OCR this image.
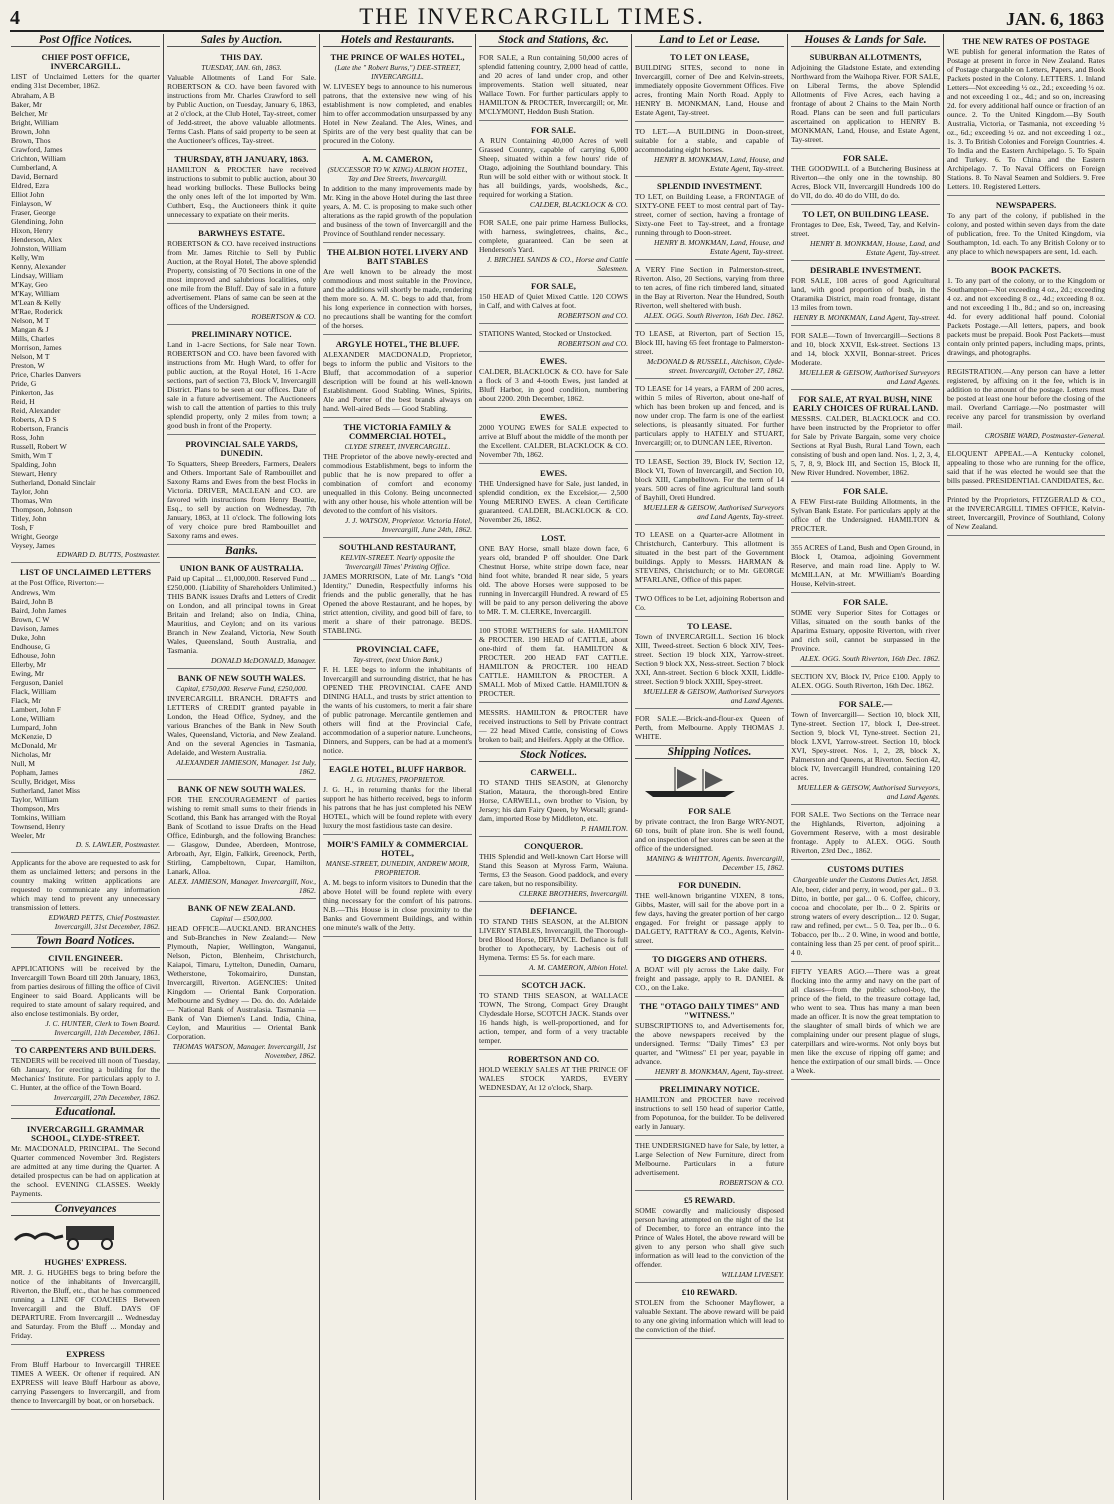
4	THE INVERCARGILL TIMES.	JAN. 6, 1863
Post Office Notices.
CHIEF POST OFFICE, INVERCARGILL.

LIST of Unclaimed Letters for the quarter ending 31st December, 1862.

Abraham, A B
Baker, Mr
Belcher, Mr
Bright, William
Brown, John
Brown, Thos
Crawford, James
Crichton, William
Cumberland, A
David, Bernard
Eldred, Ezra
Elliot John
Finlayson, W
Fraser, George
Glendining, John
Hixon, Henry
Henderson, Alex
Johnston, William
Kelly, Wm
Kenny, Alexander
Lindsay, William
M'Kay, Geo
M'Kay, William
M'Lean & Kelly
M'Rae, Roderick
Nelson, M T
Mangan & J
Mills, Charles
Morrison, James
Nelson, M T
Preston, W
Price, Charles Danvers
Pride, G
Pinkerton, Jas
Reid, H
Reid, Alexander
Roberts, A D S
Robertson, Francis
Ross, John
Russell, Robert W
Smith, Wm T
Spalding, John
Stewart, Henry
Sutherland, Donald Sinclair
Taylor, John
Thomas, Wm
Thompson, Johnson
Titley, John
Tosh, F
Wright, George
Veysey, James
EDWARD D. BUTTS, Postmaster.
LIST OF UNCLAIMED LETTERS

at the Post Office, Riverton:—

Andrews, Wm
Baird, John B
Baird, John James
Brown, C W
Davison, James
Duke, John
Endhouse, G
Edhouse, John
Ellerby, Mr
Ewing, Mr
Ferguson, Daniel
Flack, William
Flack, Mr
Lambert, John F
Lone, William
Lumpard, John
McKenzie, D
McDonald, Mr
Nicholas, Mr
Null, M
Popham, James
Scully, Bridget, Miss
Sutherland, Janet Miss
Taylor, William
Thompson, Mrs
Tomkins, William
Townsend, Henry
Weeler, Mr
D. S. LAWLER, Postmaster.

Applicants for the above are requested to ask for them as unclaimed letters; and persons in the country making written applications are requested to communicate any information which may tend to prevent any unnecessary transmission of letters.

EDWARD PETTS, Chief Postmaster. Invercargill, 31st December, 1862.
Town Board Notices.
CIVIL ENGINEER.

APPLICATIONS will be received by the Invercargill Town Board till 20th January, 1863, from parties desirous of filling the office of Civil Engineer to said Board. Applicants will be required to state amount of salary required, and also enclose testimonials. By order,

J. C. HUNTER, Clerk to Town Board. Invercargill, 11th December, 1861.
TO CARPENTERS AND BUILDERS.

TENDERS will be received till noon of Tuesday, 6th January, for erecting a building for the Mechanics' Institute. For particulars apply to J. C. Hunter, at the office of the Town Board.

Invercargill, 27th December, 1862.
Educational.
INVERCARGILL GRAMMAR SCHOOL, CLYDE-STREET.

Mr. MACDONALD, PRINCIPAL. The Second Quarter commenced November 3rd. Registers are admitted at any time during the Quarter. A detailed prospectus can be had on application at the school. EVENING CLASSES. Weekly Payments.

Conveyances
HUGHES' EXPRESS.

MR. J. G. HUGHES begs to bring before the notice of the inhabitants of Invercargill, Riverton, the Bluff, etc., that he has commenced running a LINE OF COACHES Between Invercargill and the Bluff. DAYS OF DEPARTURE. From Invercargill ... Wednesday and Saturday. From the Bluff ... Monday and Friday.

EXPRESS

From Bluff Harbour to Invercargill THREE TIMES A WEEK. Or oftener if required. AN EXPRESS will leave Bluff Harbour as above, carrying Passengers to Invercargill, and from thence to Invercargill by boat, or on horseback.

Sales by Auction.
THIS DAY.
TUESDAY, JAN. 6th, 1863.

Valuable Allotments of Land For Sale. ROBERTSON & CO. have been favored with instructions from Mr. Charles Crawford to sell by Public Auction, on Tuesday, January 6, 1863, at 2 o'clock, at the Club Hotel, Tay-street, comer of Jedd-street, the above valuable allotments. Terms Cash. Plans of said property to be seen at the Auctioneer's offices, Tay-street.

THURSDAY, 8TH JANUARY, 1863.

HAMILTON & PROCTER have received instructions to submit to public auction, about 30 head working bullocks. These Bullocks being the only ones left of the lot imported by Wm. Cuthbert, Esq., the Auctioneers think it quite unnecessary to expatiate on their merits.

BARWHEYS ESTATE.

ROBERTSON & CO. have received instructions from Mr. James Ritchie to Sell by Public Auction, at the Royal Hotel, The above splendid Property, consisting of 70 Sections in one of the most improved and salubrious localities, only one mile from the Bluff. Day of sale in a future advertisement. Plans of same can be seen at the offices of the Undersigned.

ROBERTSON & CO.
PRELIMINARY NOTICE.

Land in 1-acre Sections, for Sale near Town. ROBERTSON and CO. have been favored with instructions from Mr. Hugh Ward, to offer for public auction, at the Royal Hotel, 16 1-Acre sections, part of section 73, Block V, Invercargill District. Plans to be seen at our offices. Date of sale in a future advertisement. The Auctioneers wish to call the attention of parties to this truly splendid property, only 2 miles from town; a good bush in front of the Property.

PROVINCIAL SALE YARDS, DUNEDIN.

To Squatters, Sheep Breeders, Farmers, Dealers and Others. Important Sale of Rambouillet and Saxony Rams and Ewes from the best Flocks in Victoria. DRIVER, MACLEAN and CO. are favored with instructions from Henry Beattie, Esq., to sell by auction on Wednesday, 7th January, 1863, at 11 o'clock. The following lots of very choice pure bred Rambouillet and Saxony rams and ewes.

Banks.
UNION BANK OF AUSTRALIA.

Paid up Capital ... £1,000,000. Reserved Fund ... £250,000. (Liability of Shareholders Unlimited.) THIS BANK issues Drafts and Letters of Credit on London, and all principal towns in Great Britain and Ireland; also on India, China, Mauritius, and Ceylon; and on its various Branch in New Zealand, Victoria, New South Wales, Queensland, South Australia, and Tasmania.

DONALD McDONALD, Manager.
BANK OF NEW SOUTH WALES.
Capital, £750,000. Reserve Fund, £250,000.

INVERCARGILL BRANCH. DRAFTS and LETTERS of CREDIT granted payable in London, the Head Office, Sydney, and the various Branches of the Bank in New South Wales, Queensland, Victoria, and New Zealand. And on the several Agencies in Tasmania, Adelaide, and Western Australia.

ALEXANDER JAMIESON, Manager. 1st July, 1862.
BANK OF NEW SOUTH WALES.

FOR THE ENCOURAGEMENT of parties wishing to remit small sums to their friends in Scotland, this Bank has arranged with the Royal Bank of Scotland to issue Drafts on the Head Office, Edinburgh, and the following Branches:— Glasgow, Dundee, Aberdeen, Montrose, Arbroath, Ayr, Elgin, Falkirk, Greenock, Perth, Stirling, Campbeltown, Cupar, Hamilton, Lanark, Alloa.

ALEX. JAMIESON, Manager. Invercargill, Nov., 1862.
BANK OF NEW ZEALAND.
Capital — £500,000.

HEAD OFFICE—AUCKLAND. BRANCHES and Sub-Branches in New Zealand:— New Plymouth, Napier, Wellington, Wanganui, Nelson, Picton, Blenheim, Christchurch, Kaiapoi, Timaru, Lyttelton, Dunedin, Oamaru, Wetherstone, Tokomairiro, Dunstan, Invercargill, Riverton. AGENCIES: United Kingdom — Oriental Bank Corporation. Melbourne and Sydney — Do. do. do. Adelaide — National Bank of Australasia. Tasmania — Bank of Van Diemen's Land. India, China, Ceylon, and Mauritius — Oriental Bank Corporation.

THOMAS WATSON, Manager. Invercargill, 1st November, 1862.
Hotels and Restaurants.
THE PRINCE OF WALES HOTEL,
(Late the " Robert Burns,") DEE-STREET, INVERCARGILL.

W. LIVESEY begs to announce to his numerous patrons, that the extensive new wing of his establishment is now completed, and enables him to offer accommodation unsurpassed by any Hotel in New Zealand. The Ales, Wines, and Spirits are of the very best quality that can be procured in the Colony.

A. M. CAMERON,
(SUCCESSOR TO W. KING) ALBION HOTEL, Tay and Dee Streets, Invercargill.

In addition to the many improvements made by Mr. King in the above Hotel during the last three years, A. M. C. is proposing to make such other alterations as the rapid growth of the population and business of the town of Invercargill and the Province of Southland render necessary.

THE ALBION HOTEL LIVERY AND BAIT STABLES

Are well known to be already the most commodious and most suitable in the Province, and the additions will shortly be made, rendering them more so. A. M. C. begs to add that, from his long experience in connection with horses, no precautions shall be wanting for the comfort of the horses.

ARGYLE HOTEL, THE BLUFF.

ALEXANDER MACDONALD, Proprietor, begs to inform the public and Visitors to the Bluff, that accommodation of a superior description will be found at his well-known Establishment. Good Stabling. Wines, Spirits, Ale and Porter of the best brands always on hand. Well-aired Beds — Good Stabling.

THE VICTORIA FAMILY & COMMERCIAL HOTEL,
CLYDE STREET, INVERCARGILL.

THE Proprietor of the above newly-erected and commodious Establishment, begs to inform the public that he is now prepared to offer a combination of comfort and economy unequalled in this Colony. Being unconnected with any other house, his whole attention will be devoted to the comfort of his visitors.

J. J. WATSON, Proprietor. Victoria Hotel, Invercargill, June 24th, 1862.
SOUTHLAND RESTAURANT,
KELVIN-STREET. Nearly opposite the 'Invercargill Times' Printing Office.

JAMES MORRISON, Late of Mr. Lang's "Old Identity," Dunedin, Respectfully informs his friends and the public generally, that he has Opened the above Restaurant, and he hopes, by strict attention, civility, and good bill of fare, to merit a share of their patronage. BEDS. STABLING.

PROVINCIAL CAFE,
Tay-street, (next Union Bank.)

F. H. LEE begs to inform the inhabitants of Invercargill and surrounding district, that he has OPENED THE PROVINCIAL CAFE AND DINING HALL, and trusts by strict attention to the wants of his customers, to merit a fair share of public patronage. Mercantile gentlemen and others will find at the Provincial Cafe, accommodation of a superior nature. Luncheons, Dinners, and Suppers, can be had at a moment's notice.

EAGLE HOTEL, BLUFF HARBOR.
J. G. HUGHES, PROPRIETOR.

J. G. H., in returning thanks for the liberal support he has hitherto received, begs to inform his patrons that he has just completed his NEW HOTEL, which will be found replete with every luxury the most fastidious taste can desire.

MOIR'S FAMILY & COMMERCIAL HOTEL,
MANSE-STREET, DUNEDIN, ANDREW MOIR, PROPRIETOR.

A. M. begs to inform visitors to Dunedin that the above Hotel will be found replete with every thing necessary for the comfort of his patrons. N.B.—This House is in close proximity to the Banks and Government Buildings, and within one minute's walk of the Jetty.

Stock and Stations, &c.

FOR SALE, a Run containing 50,000 acres of splendid fattening country, 2,000 head of cattle, and 20 acres of land under crop, and other improvements. Station well situated, near Wallace Town. For further particulars apply to HAMILTON & PROCTER, Invercargill; or, Mr. M'CLYMONT, Heddon Bush Station.

FOR SALE.

A RUN Containing 40,000 Acres of well Grassed Country, capable of carrying 6,000 Sheep, situated within a few hours' ride of Otago, adjoining the Southland boundary. This Run will be sold either with or without stock. It has all buildings, yards, woolsheds, &c., required for working a Station.

CALDER, BLACKLOCK & CO.

FOR SALE, one pair prime Harness Bullocks, with harness, swingletrees, chains, &c., complete, guaranteed. Can be seen at Henderson's Yard.

J. BIRCHEL SANDS & CO., Horse and Cattle Salesmen.
FOR SALE,

150 HEAD of Quiet Mixed Cattle. 120 COWS in Calf, and with Calves at foot.

ROBERTSON and CO.

STATIONS Wanted, Stocked or Unstocked.

ROBERTSON and CO.
EWES.

CALDER, BLACKLOCK & CO. have for Sale a flock of 3 and 4-tooth Ewes, just landed at Bluff Harbor, in good condition, numbering about 2200. 20th December, 1862.

EWES.

2000 YOUNG EWES for SALE expected to arrive at Bluff about the middle of the month per the Excellent. CALDER, BLACKLOCK & CO. November 7th, 1862.

EWES.

THE Undersigned have for Sale, just landed, in splendid condition, ex the Excelsior,— 2,500 Young MERINO EWES. A clean Certificate guaranteed. CALDER, BLACKLOCK & CO. November 26, 1862.

LOST.

ONE BAY Horse, small blaze down face, 6 years old, branded P off shoulder. One Dark Chestnut Horse, white stripe down face, near hind foot white, branded R near side, 5 years old. The above Horses were supposed to be running in Invercargill Hundred. A reward of £5 will be paid to any person delivering the above to MR. T. M. CLERKE, Invercargill.

100 STORE WETHERS for sale. HAMILTON & PROCTER. 190 HEAD of CATTLE, about one-third of them fat. HAMILTON & PROCTER. 200 HEAD FAT CATTLE. HAMILTON & PROCTER. 100 HEAD CATTLE. HAMILTON & PROCTER. A SMALL Mob of Mixed Cattle. HAMILTON & PROCTER.

MESSRS. HAMILTON & PROCTER have received instructions to Sell by Private contract — 22 head Mixed Cattle, consisting of Cows broken to bail; and Heifers. Apply at the Office.

Stock Notices.
CARWELL.

TO STAND THIS SEASON, at Glenorchy Station, Mataura, the thorough-bred Entire Horse, CARWELL, own brother to Vision, by Jersey; his dam Fairy Queen, by Worsall; grand-dam, imported Rose by Middleton, etc.

P. HAMILTON.
CONQUEROR.

THIS Splendid and Well-known Cart Horse will Stand this Season at Myross Farm, Waiuna. Terms, £3 the Season. Good paddock, and every care taken, but no responsibility.

CLERKE BROTHERS, Invercargill.
DEFIANCE.

TO STAND THIS SEASON, at the ALBION LIVERY STABLES, Invercargill, the Thorough-bred Blood Horse, DEFIANCE. Defiance is full brother to Apothecary, by Lachesis out of Hymena. Terms: £5 5s. for each mare.

A. M. CAMERON, Albion Hotel.
SCOTCH JACK.

TO STAND THIS SEASON, at WALLACE TOWN, The Strong, Compact Grey Draught Clydesdale Horse, SCOTCH JACK. Stands over 16 hands high, is well-proportioned, and for action, temper, and form of a very tractable temper.

ROBERTSON AND CO.

HOLD WEEKLY SALES AT THE PRINCE OF WALES STOCK YARDS, EVERY WEDNESDAY, At 12 o'clock, Sharp.

Land to Let or Lease.
TO LET ON LEASE,

BUILDING SITES, second to none in Invercargill, corner of Dee and Kelvin-streets, immediately opposite Government Offices. Five acres, fronting Main North Road. Apply to HENRY B. MONKMAN, Land, House and Estate Agent, Tay-street.

TO LET.—A BUILDING in Doon-street, suitable for a stable, and capable of accommodating eight horses.

HENRY B. MONKMAN, Land, House, and Estate Agent, Tay-street.
SPLENDID INVESTMENT.

TO LET, on Building Lease, a FRONTAGE of SIXTY-ONE FEET to most central part of Tay-street, corner of section, having a frontage of Sixty-one Feet to Tay-street, and a frontage running through to Doon-street.

HENRY B. MONKMAN, Land, House, and Estate Agent, Tay-street.

A VERY Fine Section in Palmerston-street, Riverton. Also, 20 Sections, varying from three to ten acres, of fine rich timbered land, situated in the Bay at Riverton. Near the Hundred, South Riverton, well sheltered with bush.

ALEX. OGG. South Riverton, 16th Dec. 1862.

TO LEASE, at Riverton, part of Section 15, Block III, having 65 feet frontage to Palmerston-street.

McDONALD & RUSSELL, Aitchison, Clyde-street. Invercargill, October 27, 1862.

TO LEASE for 14 years, a FARM of 200 acres, within 5 miles of Riverton, about one-half of which has been broken up and fenced, and is now under crop. The farm is one of the earliest selections, is pleasantly situated. For further particulars apply to HATELY and STUART, Invercargill; or, to DUNCAN LEE, Riverton.

TO LEASE, Section 39, Block IV, Section 12, Block VI, Town of Invercargill, and Section 10, block XIII, Campbelltown. For the term of 14 years. 500 acres of fine agricultural land south of Bayhill, Oreti Hundred.

MUELLER & GEISOW, Authorised Surveyors and Land Agents, Tay-street.

TO LEASE on a Quarter-acre Allotment in Christchurch, Canterbury. This allotment is situated in the best part of the Government buildings. Apply to Messrs. HARMAN & STEVENS, Christchurch; or to Mr. GEORGE M'FARLANE, Office of this paper.

TWO Offices to be Let, adjoining Robertson and Co.

TO LEASE.

Town of INVERCARGILL. Section 16 block XIII, Tweed-street. Section 6 block XIV, Tees-street. Section 19 block XIX, Yarrow-street. Section 9 block XX, Ness-street. Section 7 block XXI, Ann-street. Section 6 block XXII, Liddle-street. Section 9 block XXIII, Spey-street.

MUELLER & GEISOW, Authorised Surveyors and Land Agents.

FOR SALE.—Brick-and-flour-ex Queen of Perth, from Melbourne. Apply THOMAS J. WHITE.

Shipping Notices.
FOR SALE

by private contract, the Iron Barge WRY-NOT, 60 tons, built of plate iron. She is well found, and on inspection of her stores can be seen at the office of the undersigned.

MANING & WHITTON, Agents. Invercargill, December 15, 1862.
FOR DUNEDIN.

THE well-known brigantine VIXEN, 8 tons, Gibbs, Master, will sail for the above port in a few days, having the greater portion of her cargo engaged. For freight or passage apply to DALGETY, RATTRAY & CO., Agents, Kelvin-street.

TO DIGGERS AND OTHERS.

A BOAT will ply across the Lake daily. For freight and passage, apply to R. DANIEL & CO., on the Lake.

THE "OTAGO DAILY TIMES" AND "WITNESS."

SUBSCRIPTIONS to, and Advertisements for, the above newspapers received by the undersigned. Terms: "Daily Times" £3 per quarter, and "Witness" £1 per year, payable in advance.

HENRY B. MONKMAN, Agent, Tay-street.
PRELIMINARY NOTICE.

HAMILTON and PROCTER have received instructions to sell 150 head of superior Cattle, from Popotunoa, for the builder. To be delivered early in January.

THE UNDERSIGNED have for Sale, by letter, a Large Selection of New Furniture, direct from Melbourne. Particulars in a future advertisement.

ROBERTSON & CO.
£5 REWARD.

SOME cowardly and maliciously disposed person having attempted on the night of the 1st of December, to force an entrance into the Prince of Wales Hotel, the above reward will be given to any person who shall give such information as will lead to the conviction of the offender.

WILLIAM LIVESEY.
£10 REWARD.

STOLEN from the Schooner Mayflower, a valuable Sextant. The above reward will be paid to any one giving information which will lead to the conviction of the thief.

Houses & Lands for Sale.
SUBURBAN ALLOTMENTS,

Adjoining the Gladstone Estate, and extending Northward from the Waihopa River. FOR SALE, on Liberal Terms, the above Splendid Allotments of Five Acres, each having a frontage of about 2 Chains to the Main North Road. Plans can be seen and full particulars ascertained on application to HENRY B. MONKMAN, Land, House, and Estate Agent, Tay-street.

FOR SALE.

THE GOODWILL of a Butchering Business at Riverton—the only one in the township. 80 Acres, Block VII, Invercargill Hundreds 100 do do VII, do do. 40 do do VIII, do do.

TO LET, ON BUILDING LEASE.

Frontages to Dee, Esk, Tweed, Tay, and Kelvin-street.

HENRY B. MONKMAN, House, Land, and Estate Agent, Tay-street.
DESIRABLE INVESTMENT.

FOR SALE, 108 acres of good Agricultural land, with good proportion of bush, in the Otaramika District, main road frontage, distant 13 miles from town.

HENRY B. MONKMAN, Land Agent, Tay-street.

FOR SALE—Town of Invercargill—Sections 8 and 10, block XXVII, Esk-street. Sections 13 and 14, block XXVII, Bonnar-street. Prices Moderate.

MUELLER & GEISOW, Authorised Surveyors and Land Agents.
FOR SALE, AT RYAL BUSH, NINE EARLY CHOICES OF RURAL LAND.

MESSRS. CALDER, BLACKLOCK and CO. have been instructed by the Proprietor to offer for Sale by Private Bargain, some very choice Sections at Ryal Bush, Rural Land Town, each consisting of bush and open land. Nos. 1, 2, 3, 4, 5, 7, 8, 9, Block III, and Section 15, Block II, New River Hundred. November, 1862.

FOR SALE.

A FEW First-rate Building Allotments, in the Sylvan Bank Estate. For particulars apply at the office of the Undersigned. HAMILTON & PROCTER.

355 ACRES of Land, Bush and Open Ground, in Block I, Otamoa, adjoining Government Reserve, and main road line. Apply to W. McMILLAN, at Mr. M'William's Boarding House, Kelvin-street.

FOR SALE.

SOME very Superior Sites for Cottages or Villas, situated on the south banks of the Aparima Estuary, opposite Riverton, with river and rich soil, cannot be surpassed in the Province.

ALEX. OGG. South Riverton, 16th Dec. 1862.

SECTION XV, Block IV, Price £100. Apply to ALEX. OGG. South Riverton, 16th Dec. 1862.

FOR SALE.—

Town of Invercargill— Section 10, block XII, Tyne-street. Section 17, block I, Dee-street. Section 9, block VI, Tyne-street. Section 21, block LXVI, Yarrow-street. Section 10, block XVI, Spey-street. Nos. 1, 2, 28, block X, Palmerston and Queens, at Riverton. Section 42, block IV, Invercargill Hundred, containing 120 acres.

MUELLER & GEISOW, Authorised Surveyors, and Land Agents.

FOR SALE. Two Sections on the Terrace near the Highlands, Riverton, adjoining a Government Reserve, with a most desirable frontage. Apply to ALEX. OGG. South Riverton, 23rd Dec., 1862.

CUSTOMS DUTIES
Chargeable under the Customs Duties Act, 1858.

Ale, beer, cider and perry, in wood, per gal... 0 3. Ditto, in bottle, per gal... 0 6. Coffee, chicory, cocoa and chocolate, per lb... 0 2. Spirits or strong waters of every description... 12 0. Sugar, raw and refined, per cwt... 5 0. Tea, per lb... 0 6. Tobacco, per lb... 2 0. Wine, in wood and bottle, containing less than 25 per cent. of proof spirit... 4 0.

FIFTY YEARS AGO.—There was a great flocking into the army and navy on the part of all classes—from the public school-boy, the prince of the field, to the treasure cottage lad, who went to sea. Thus has many a man been made an officer. It is now the great temptation to the slaughter of small birds of which we are complaining under our present plague of slugs, caterpillars and wire-worms. Not only boys but men like the excuse of ripping off game; and hence the extirpation of our small birds. — Once a Week.

THE NEW RATES OF POSTAGE

WE publish for general information the Rates of Postage at present in force in New Zealand. Rates of Postage chargeable on Letters, Papers, and Book Packets posted in the Colony. LETTERS. 1. Inland Letters—Not exceeding ½ oz., 2d.; exceeding ½ oz. and not exceeding 1 oz., 4d.; and so on, increasing 2d. for every additional half ounce or fraction of an ounce. 2. To the United Kingdom.—By South Australia, Victoria, or Tasmania, not exceeding ½ oz., 6d.; exceeding ½ oz. and not exceeding 1 oz., 1s. 3. To British Colonies and Foreign Countries. 4. To India and the Eastern Archipelago. 5. To Spain and Turkey. 6. To China and the Eastern Archipelago. 7. To Naval Officers on Foreign Stations. 8. To Naval Seamen and Soldiers. 9. Free Letters. 10. Registered Letters.

NEWSPAPERS.

To any part of the colony, if published in the colony, and posted within seven days from the date of publication, free. To the United Kingdom, via Southampton, 1d. each. To any British Colony or to any place to which newspapers are sent, 1d. each.

BOOK PACKETS.

1. To any part of the colony, or to the Kingdom or Southampton—Not exceeding 4 oz., 2d.; exceeding 4 oz. and not exceeding 8 oz., 4d.; exceeding 8 oz. and not exceeding 1 lb., 8d.; and so on, increasing 4d. for every additional half pound. Colonial Packets Postage.—All letters, papers, and book packets must be prepaid. Book Post Packets—must contain only printed papers, including maps, prints, drawings, and photographs.

REGISTRATION.—Any person can have a letter registered, by affixing on it the fee, which is in addition to the amount of the postage. Letters must be posted at least one hour before the closing of the mail. Overland Carriage.—No postmaster will receive any parcel for transmission by overland mail.

CROSBIE WARD, Postmaster-General.

ELOQUENT APPEAL.—A Kentucky colonel, appealing to those who are running for the office, said that if he was elected he would see that the bills passed. PRESIDENTIAL CANDIDATES, &c.

Printed by the Proprietors, FITZGERALD & CO., at the INVERCARGILL TIMES OFFICE, Kelvin-street, Invercargill, Province of Southland, Colony of New Zealand.
